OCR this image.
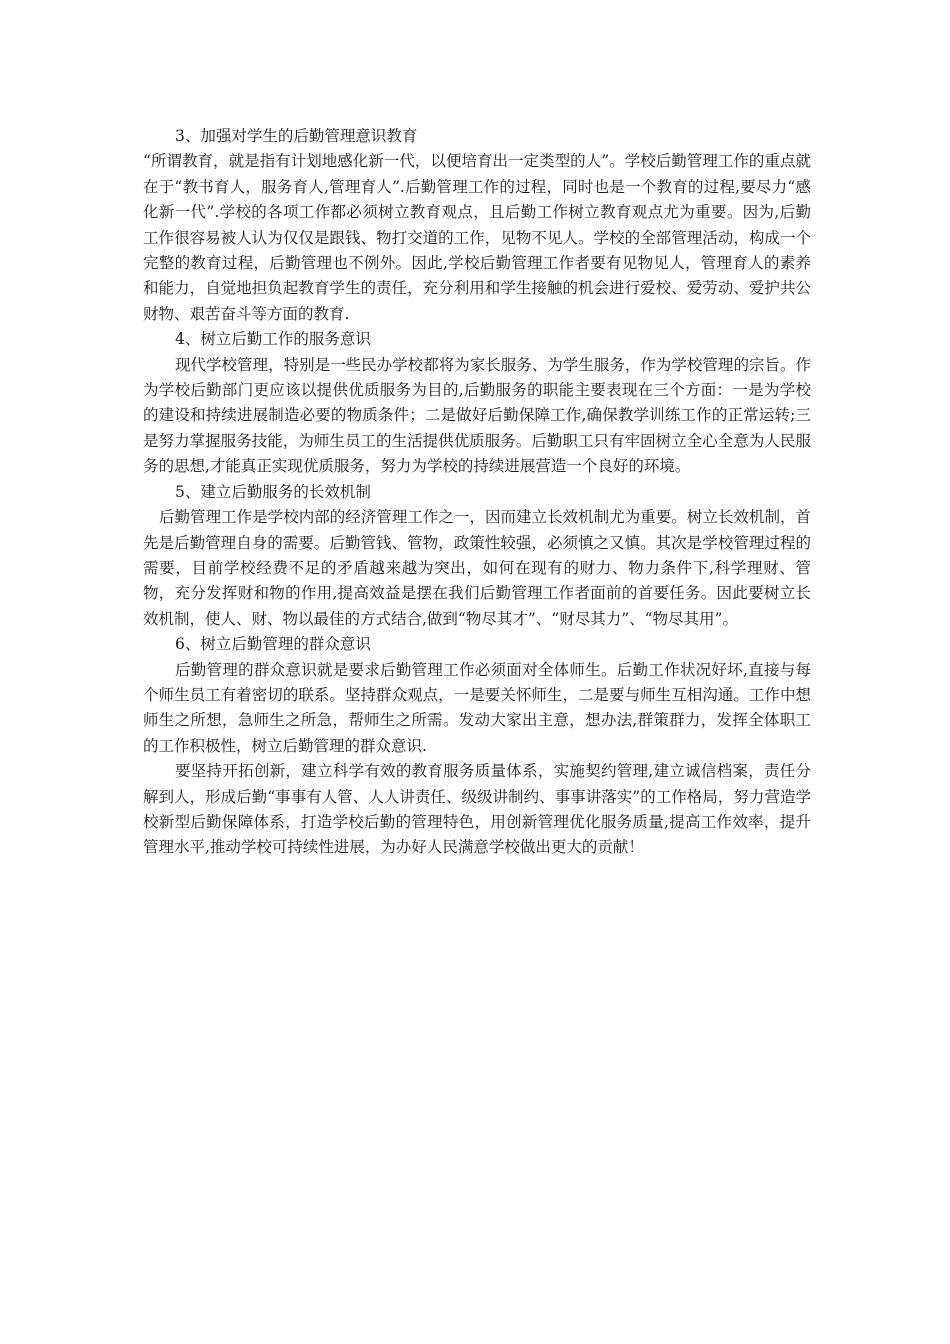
3、加强对学生的后勤管理意识教育

“所谓教育，就是指有计划地感化新一代，以便培育出一定类型的人”。学校后勤管理工作的重点就在于“教书育人，服务育人,管理育人”.后勤管理工作的过程，同时也是一个教育的过程,要尽力“感化新一代”.学校的各项工作都必须树立教育观点，且后勤工作树立教育观点尤为重要。因为,后勤工作很容易被人认为仅仅是跟钱、物打交道的工作，见物不见人。学校的全部管理活动，构成一个完整的教育过程，后勤管理也不例外。因此,学校后勤管理工作者要有见物见人，管理育人的素养和能力，自觉地担负起教育学生的责任，充分利用和学生接触的机会进行爱校、爱劳动、爱护共公财物、艰苦奋斗等方面的教育.

4、树立后勤工作的服务意识

现代学校管理，特别是一些民办学校都将为家长服务、为学生服务，作为学校管理的宗旨。作为学校后勤部门更应该以提供优质服务为目的,后勤服务的职能主要表现在三个方面：一是为学校的建设和持续进展制造必要的物质条件；二是做好后勤保障工作,确保教学训练工作的正常运转;三是努力掌握服务技能，为师生员工的生活提供优质服务。后勤职工只有牢固树立全心全意为人民服务的思想,才能真正实现优质服务，努力为学校的持续进展营造一个良好的环境。

5、建立后勤服务的长效机制

后勤管理工作是学校内部的经济管理工作之一，因而建立长效机制尤为重要。树立长效机制，首先是后勤管理自身的需要。后勤管钱、管物，政策性较强，必须慎之又慎。其次是学校管理过程的需要，目前学校经费不足的矛盾越来越为突出，如何在现有的财力、物力条件下,科学理财、管物，充分发挥财和物的作用,提高效益是摆在我们后勤管理工作者面前的首要任务。因此要树立长效机制，使人、财、物以最佳的方式结合,做到“物尽其才”、“财尽其力”、“物尽其用”。

6、树立后勤管理的群众意识

后勤管理的群众意识就是要求后勤管理工作必须面对全体师生。后勤工作状况好坏,直接与每个师生员工有着密切的联系。坚持群众观点，一是要关怀师生，二是要与师生互相沟通。工作中想师生之所想，急师生之所急，帮师生之所需。发动大家出主意，想办法,群策群力，发挥全体职工的工作积极性，树立后勤管理的群众意识.

要坚持开拓创新，建立科学有效的教育服务质量体系，实施契约管理,建立诚信档案，责任分解到人，形成后勤“事事有人管、人人讲责任、级级讲制约、事事讲落实”的工作格局，努力营造学校新型后勤保障体系，打造学校后勤的管理特色，用创新管理优化服务质量,提高工作效率，提升管理水平,推动学校可持续性进展，为办好人民满意学校做出更大的贡献！
